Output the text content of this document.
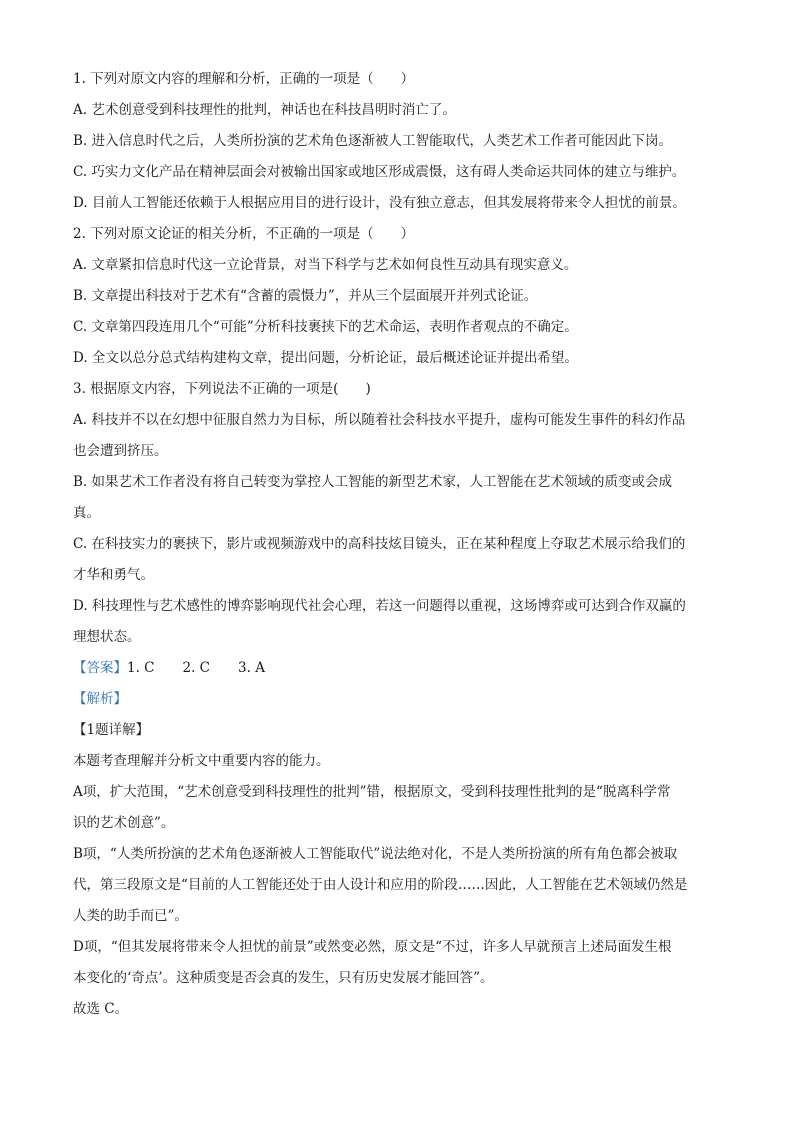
1. 下列对原文内容的理解和分析，正确的一项是（　　）

A. 艺术创意受到科技理性的批判，神话也在科技昌明时消亡了。

B. 进入信息时代之后，人类所扮演的艺术角色逐渐被人工智能取代，人类艺术工作者可能因此下岗。

C. 巧实力文化产品在精神层面会对被输出国家或地区形成震慑，这有碍人类命运共同体的建立与维护。

D. 目前人工智能还依赖于人根据应用目的进行设计，没有独立意志，但其发展将带来令人担忧的前景。

2. 下列对原文论证的相关分析，不正确的一项是（　　）

A. 文章紧扣信息时代这一立论背景，对当下科学与艺术如何良性互动具有现实意义。

B. 文章提出科技对于艺术有“含蓄的震慑力”，并从三个层面展开并列式论证。

C. 文章第四段连用几个“可能”分析科技裹挟下的艺术命运，表明作者观点的不确定。

D. 全文以总分总式结构建构文章，提出问题，分析论证，最后概述论证并提出希望。

3. 根据原文内容，下列说法不正确的一项是(　　)

A. 科技并不以在幻想中征服自然力为目标，所以随着社会科技水平提升，虚构可能发生事件的科幻作品

也会遭到挤压。

B. 如果艺术工作者没有将自己转变为掌控人工智能的新型艺术家，人工智能在艺术领域的质变或会成

真。

C. 在科技实力的裹挟下，影片或视频游戏中的高科技炫目镜头，正在某种程度上夺取艺术展示给我们的

才华和勇气。

D. 科技理性与艺术感性的博弈影响现代社会心理，若这一问题得以重视，这场博弈或可达到合作双赢的

理想状态。

【答案】1. C 2. C 3. A

【解析】

【1题详解】

本题考查理解并分析文中重要内容的能力。

A项，扩大范围，“艺术创意受到科技理性的批判”错，根据原文，受到科技理性批判的是“脱离科学常

识的艺术创意”。

B项，“人类所扮演的艺术角色逐渐被人工智能取代”说法绝对化，不是人类所扮演的所有角色都会被取

代，第三段原文是“目前的人工智能还处于由人设计和应用的阶段……因此，人工智能在艺术领域仍然是

人类的助手而已”。

D项，“但其发展将带来令人担忧的前景”或然变必然，原文是“不过，许多人早就预言上述局面发生根

本变化的‘奇点’。这种质变是否会真的发生，只有历史发展才能回答”。

故选 C。
